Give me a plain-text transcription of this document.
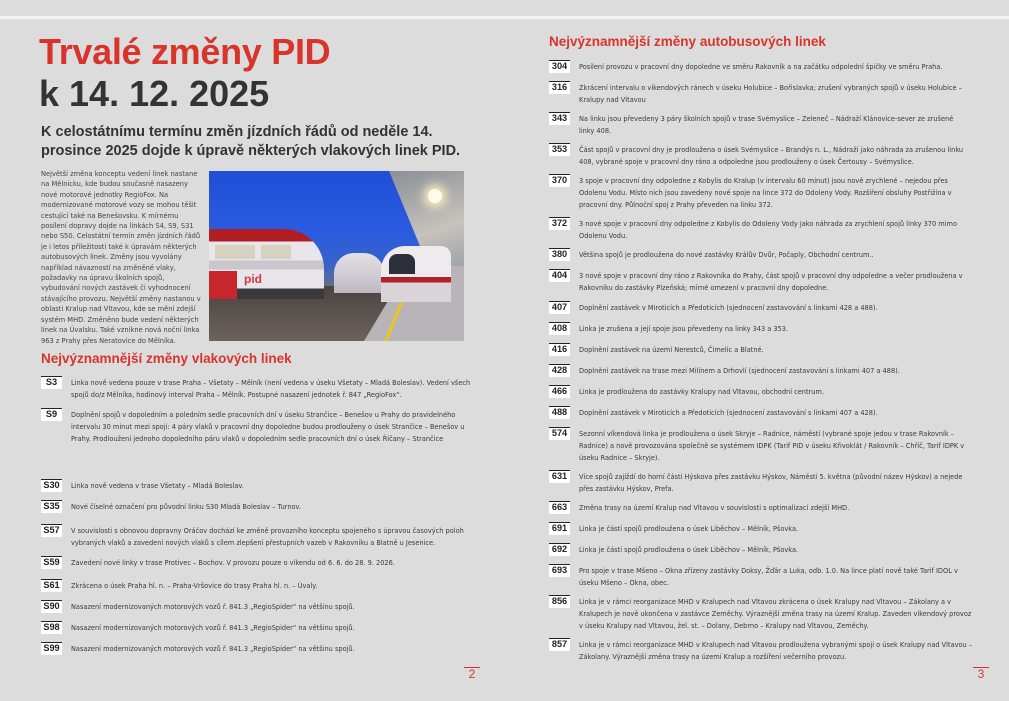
Trvalé změny PID
k 14. 12. 2025

K celostátnímu termínu změn jízdních řádů od neděle 14. prosince 2025 dojde k úpravě některých vlakových linek PID.

Největší změna konceptu vedení linek nastane na Mělnicku, kde budou současně nasazeny nové motorové jednotky RegioFox. Na modernizované motorové vozy se mohou těšit cestující také na Benešovsku. K mírnému posílení dopravy dojde na linkách S4, S9, S31 nebo S50. Celostátní termín změn jízdních řádů je i letos příležitostí také k úpravám některých autobusových linek. Změny jsou vyvolány například návazností na změněné vlaky, požadavky na úpravu školních spojů, vybudování nových zastávek či vyhodnocení stávajícího provozu. Největší změny nastanou v oblasti Kralup nad Vltavou, kde se mění zdejší systém MHD. Změněno bude vedení některých linek na Úvalsku. Také vznikne nová noční linka 963 z Prahy přes Neratovice do Mělníka.

pid
Nejvýznamnější změny vlakových linek
S3	Linka nově vedena pouze v trase Praha – Všetaty – Mělník (není vedena v úseku Všetaty – Mladá Boleslav). Vedení všech spojů do/z Mělníka, hodinový interval Praha – Mělník. Postupné nasazení jednotek ř. 847 „RegioFox“.
S9	Doplnění spojů v dopoledním a poledním sedle pracovních dní v úseku Strančice – Benešov u Prahy do pravidelného intervalu 30 minut mezi spoji: 4 páry vlaků v pracovní dny dopoledne budou prodlouženy o úsek Strančice – Benešov u Prahy. Prodloužení jednoho dopoledního páru vlaků v dopoledním sedle pracovních dní o úsek Říčany – Strančice
S30	Linka nově vedena v trase Všetaty – Mladá Boleslav.
S35	Nové číselné označení pro původní linku S30 Mladá Boleslav – Turnov.
S57	V souvislosti s obnovou dopravny Oráčov dochází ke změně provozního konceptu spojeného s úpravou časových poloh vybraných vlaků a zavedení nových vlaků s cílem zlepšení přestupních vazeb v Rakovníku a Blatně u Jesenice.
S59	Zavedení nové linky v trase Protivec – Bochov. V provozu pouze o víkendu od 6. 6. do 28. 9. 2026.
S61	Zkrácena o úsek Praha hl. n. – Praha-Vršovice do trasy Praha hl. n. – Úvaly.
S90	Nasazení modernizovaných motorových vozů ř. 841.3 „RegioSpider“ na většinu spojů.
S98	Nasazení modernizovaných motorových vozů ř. 841.3 „RegioSpider“ na většinu spojů.
S99	Nasazení modernizovaných motorových vozů ř. 841.3 „RegioSpider“ na většinu spojů.
2
Nejvýznamnější změny autobusových linek
304	Posílení provozu v pracovní dny dopoledne ve směru Rakovník a na začátku odpolední špičky ve směru Praha.
316	Zkrácení intervalu o víkendových ránech v úseku Holubice – Bořislavka; zrušení vybraných spojů v úseku Holubice – Kralupy nad Vltavou
343	Na linku jsou převedeny 3 páry školních spojů v trase Svémyslice – Zeleneč – Nádraží Klánovice-sever ze zrušené linky 408.
353	Část spojů v pracovní dny je prodloužena o úsek Svémyslice – Brandýs n. L., Nádraží jako náhrada za zrušenou linku 408, vybrané spoje v pracovní dny ráno a odpoledne jsou prodlouženy o úsek Čertousy – Svémyslice.
370	3 spoje v pracovní dny odpoledne z Kobylis do Kralup (v intervalu 60 minut) jsou nově zrychlené – nejedou přes Odolenu Vodu. Místo nich jsou zavedeny nové spoje na lince 372 do Odoleny Vody. Rozšíření obsluhy Postřižína v pracovní dny. Půlnoční spoj z Prahy převeden na linku 372.
372	3 nové spoje v pracovní dny odpoledne z Kobylis do Odoleny Vody jako náhrada za zrychlení spojů linky 370 mimo Odolenu Vodu.
380	Většina spojů je prodloužena do nové zastávky Králův Dvůr, Počaply, Obchodní centrum..
404	3 nové spoje v pracovní dny ráno z Rakovníka do Prahy, část spojů v pracovní dny odpoledne a večer prodloužena v Rakovníku do zastávky Plzeňská; mírné omezení v pracovní dny dopoledne.
407	Doplnění zastávek v Miroticích a Předoticích (sjednocení zastavování s linkami 428 a 488).
408	Linka je zrušena a její spoje jsou převedeny na linky 343 a 353.
416	Doplnění zastávek na území Nerestců, Čimelic a Blatné.
428	Doplnění zastávek na trase mezi Milínem a Drhovlí (sjednocení zastavování s linkami 407 a 488).
466	Linka je prodloužena do zastávky Kralupy nad Vltavou, obchodní centrum.
488	Doplnění zastávek v Miroticích a Předoticích (sjednocení zastavování s linkami 407 a 428).
574	Sezonní víkendová linka je prodloužena o úsek Skryje – Radnice, náměstí (vybrané spoje jedou v trase Rakovník – Radnice) a nově provozována společně se systémem IDPK (Tarif PID v úseku Křivoklát / Rakovník – Chříč, Tarif IDPK v úseku Radnice – Skryje).
631	Více spojů zajíždí do horní části Hýskova přes zastávku Hýskov, Náměstí 5. května (původní název Hýskov) a nejede přes zastávku Hýskov, Prefa.
663	Změna trasy na území Kralup nad Vltavou v souvislosti s optimalizací zdejší MHD.
691	Linka je částí spojů prodloužena o úsek Liběchov – Mělník, Pšovka.
692	Linka je částí spojů prodloužena o úsek Liběchov – Mělník, Pšovka.
693	Pro spoje v trase Mšeno – Okna zřízeny zastávky Doksy, Žďár a Luka, odb. 1.0. Na lince platí nově také Tarif IDOL v úseku Mšeno – Okna, obec.
856	Linka je v rámci reorganizace MHD v Kralupech nad Vltavou zkrácena o úsek Kralupy nad Vltavou – Zákolany a v Kralupech je nově ukončena v zastávce Zeměchy. Výraznější změna trasy na území Kralup. Zaveden víkendový provoz v úseku Kralupy nad Vltavou, žel. st. – Dolany, Debrno – Kralupy nad Vltavou, Zeměchy.
857	Linka je v rámci reorganizace MHD v Kralupech nad Vltavou prodloužena vybranými spoji o úsek Kralupy nad Vltavou – Zákolany. Výraznější změna trasy na území Kralup a rozšíření večerního provozu.
3
